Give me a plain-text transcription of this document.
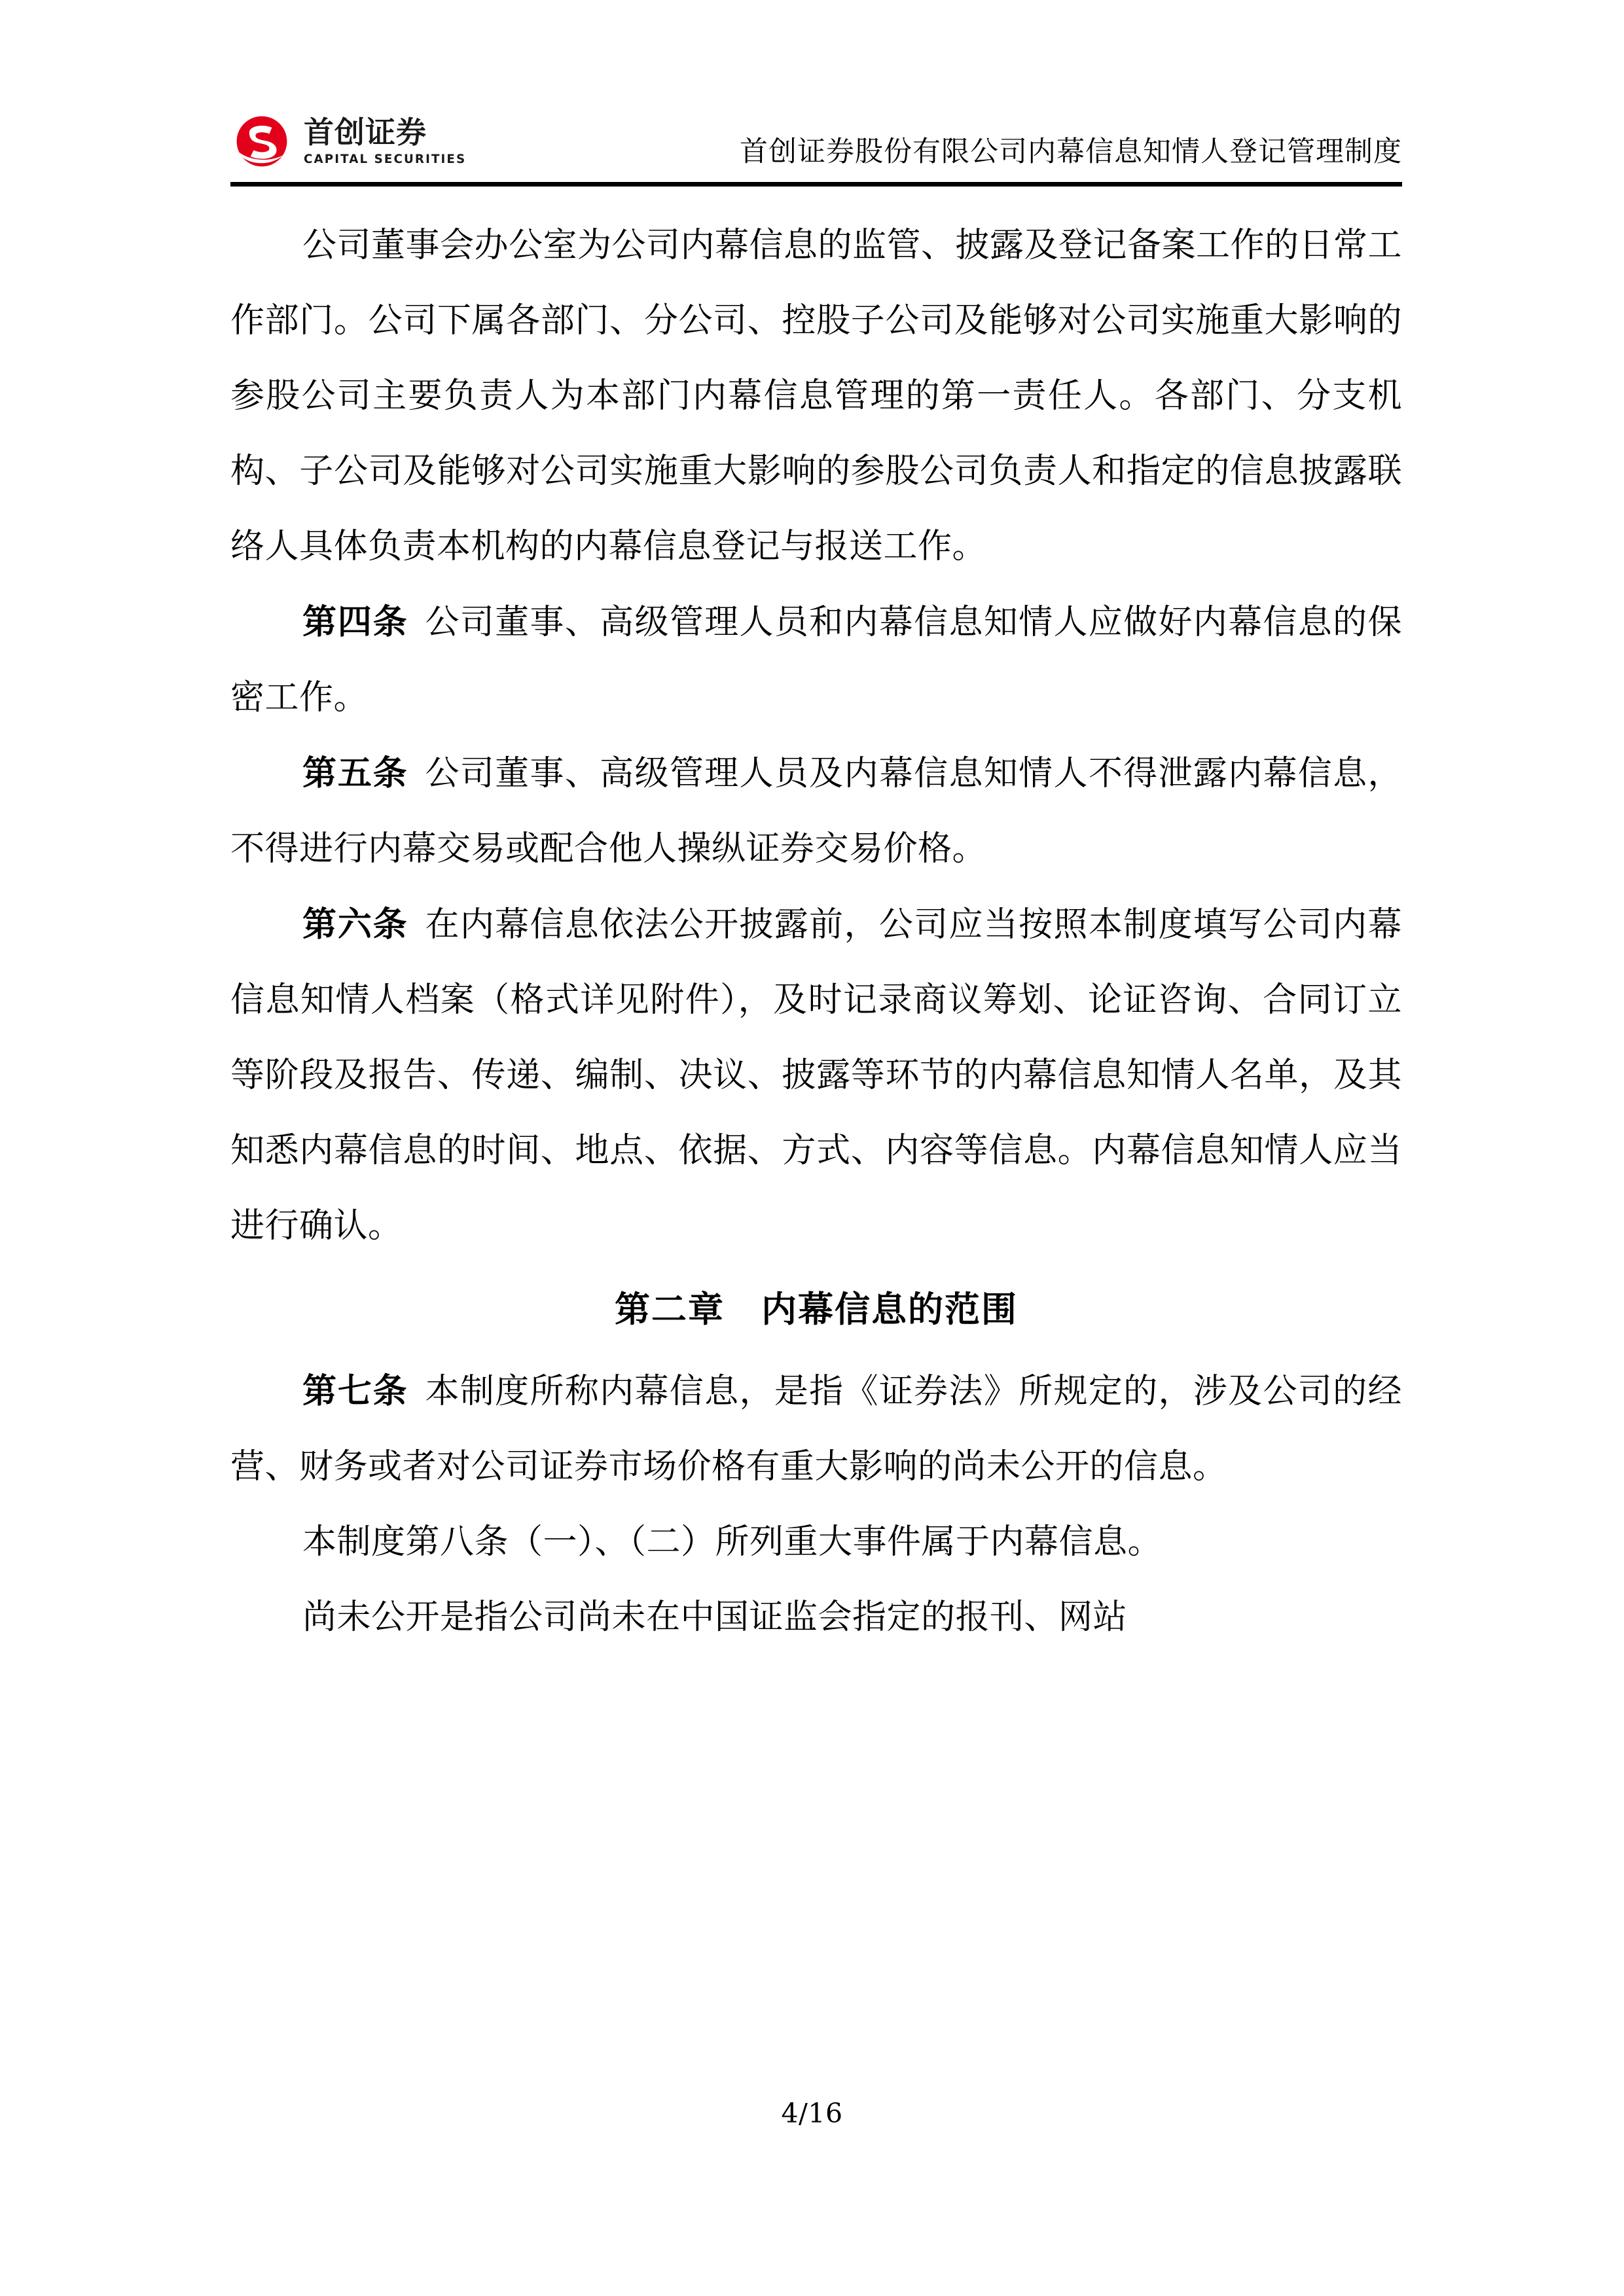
首创证券
CAPITAL SECURITIES	首创证券股份有限公司内幕信息知情人登记管理制度

公司董事会办公室为公司内幕信息的监管、披露及登记备案工作的日常工作部门。公司下属各部门、分公司、控股子公司及能够对公司实施重大影响的参股公司主要负责人为本部门内幕信息管理的第一责任人。各部门、分支机构、子公司及能够对公司实施重大影响的参股公司负责人和指定的信息披露联络人具体负责本机构的内幕信息登记与报送工作。

第四条 公司董事、高级管理人员和内幕信息知情人应做好内幕信息的保密工作。

第五条 公司董事、高级管理人员及内幕信息知情人不得泄露内幕信息，不得进行内幕交易或配合他人操纵证券交易价格。

第六条 在内幕信息依法公开披露前，公司应当按照本制度填写公司内幕信息知情人档案（格式详见附件），及时记录商议筹划、论证咨询、合同订立等阶段及报告、传递、编制、决议、披露等环节的内幕信息知情人名单，及其知悉内幕信息的时间、地点、依据、方式、内容等信息。内幕信息知情人应当进行确认。

第二章　内幕信息的范围

第七条 本制度所称内幕信息，是指《证券法》所规定的，涉及公司的经营、财务或者对公司证券市场价格有重大影响的尚未公开的信息。

本制度第八条（一）、（二）所列重大事件属于内幕信息。

尚未公开是指公司尚未在中国证监会指定的报刊、网站

4/16
